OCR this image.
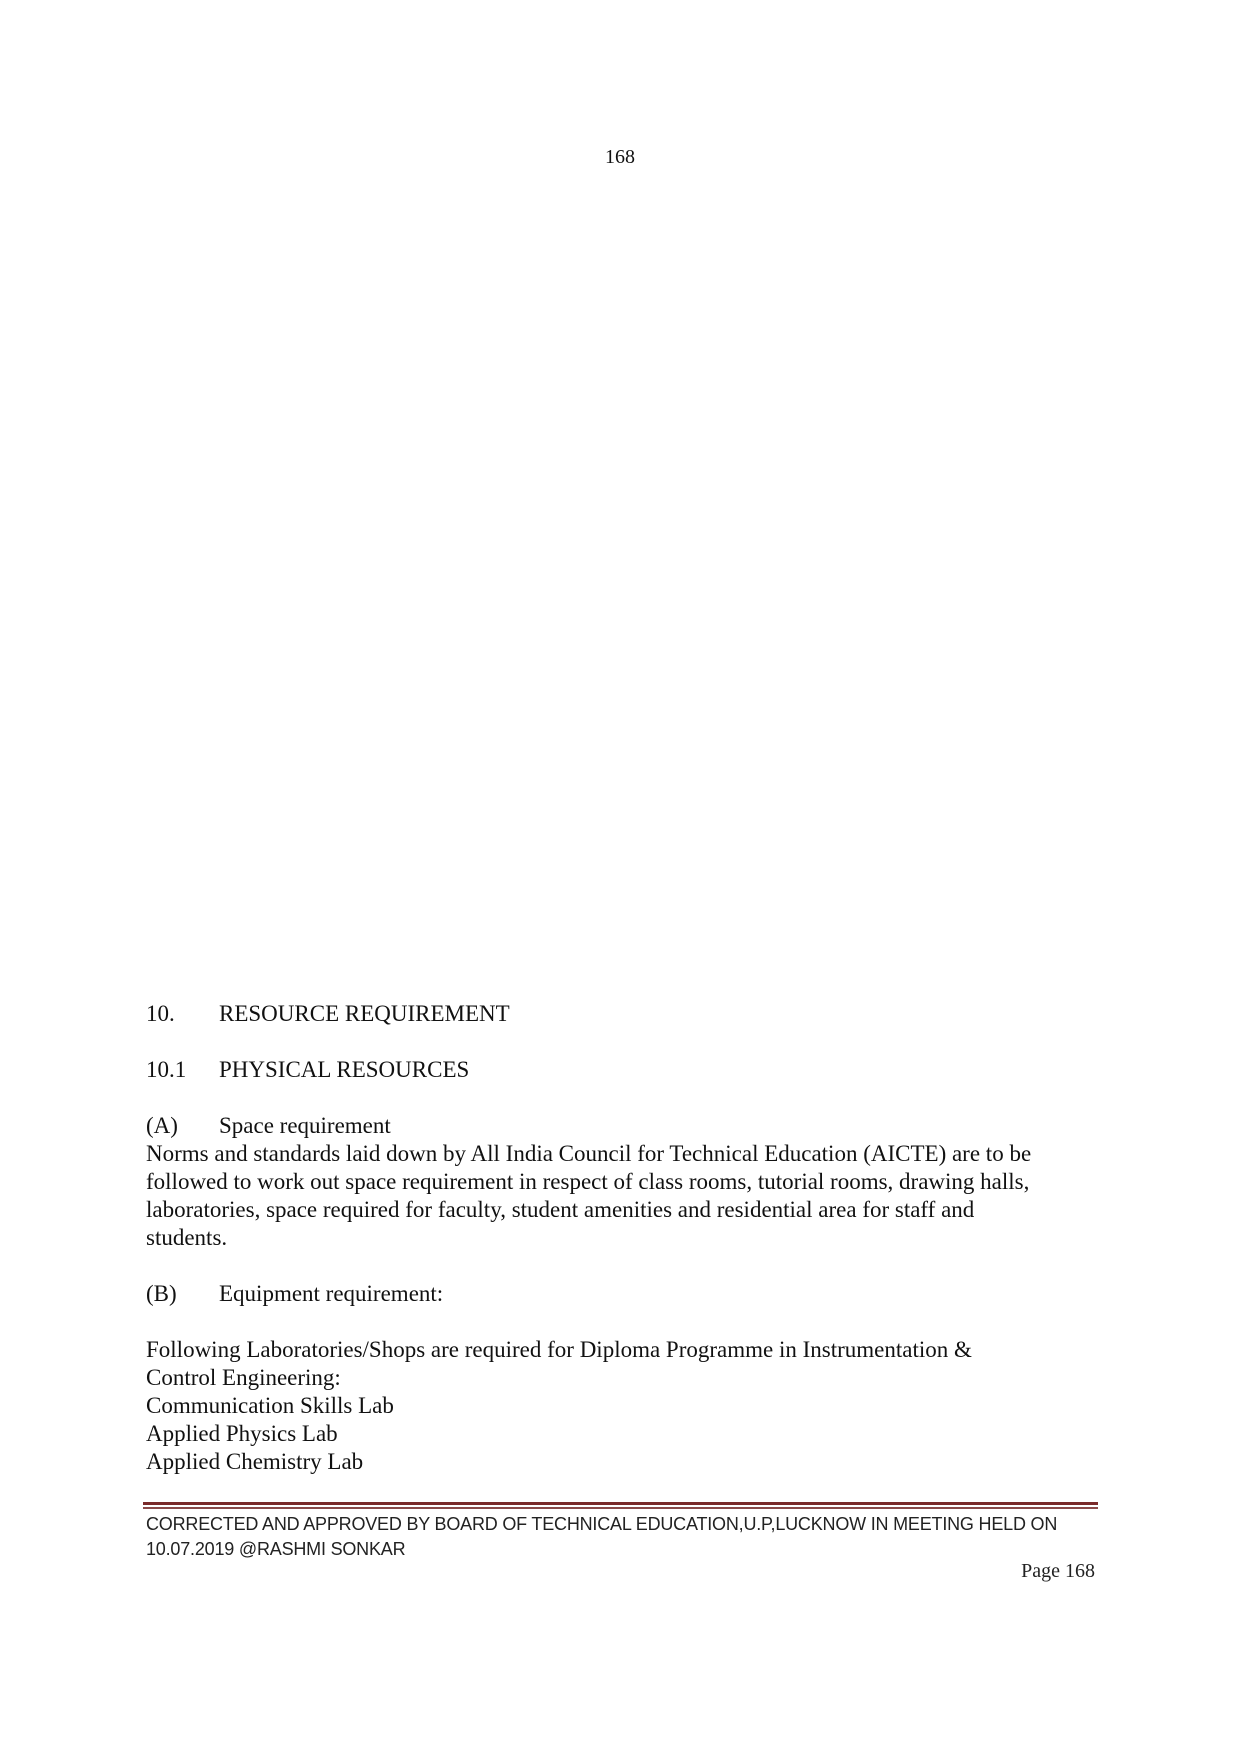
168

10. RESOURCE REQUIREMENT

10.1 PHYSICAL RESOURCES

(A) Space requirement

Norms and standards laid down by All India Council for Technical Education (AICTE) are to be
followed to work out space requirement in respect of class rooms, tutorial rooms, drawing halls,
laboratories, space required for faculty, student amenities and residential area for staff and
students.

(B) Equipment requirement:

Following Laboratories/Shops are required for Diploma Programme in Instrumentation &
Control Engineering:
Communication Skills Lab
Applied Physics Lab
Applied Chemistry Lab
CORRECTED AND APPROVED BY BOARD OF TECHNICAL EDUCATION,U.P,LUCKNOW IN MEETING HELD ON
10.07.2019 @RASHMI SONKAR

Page 168
